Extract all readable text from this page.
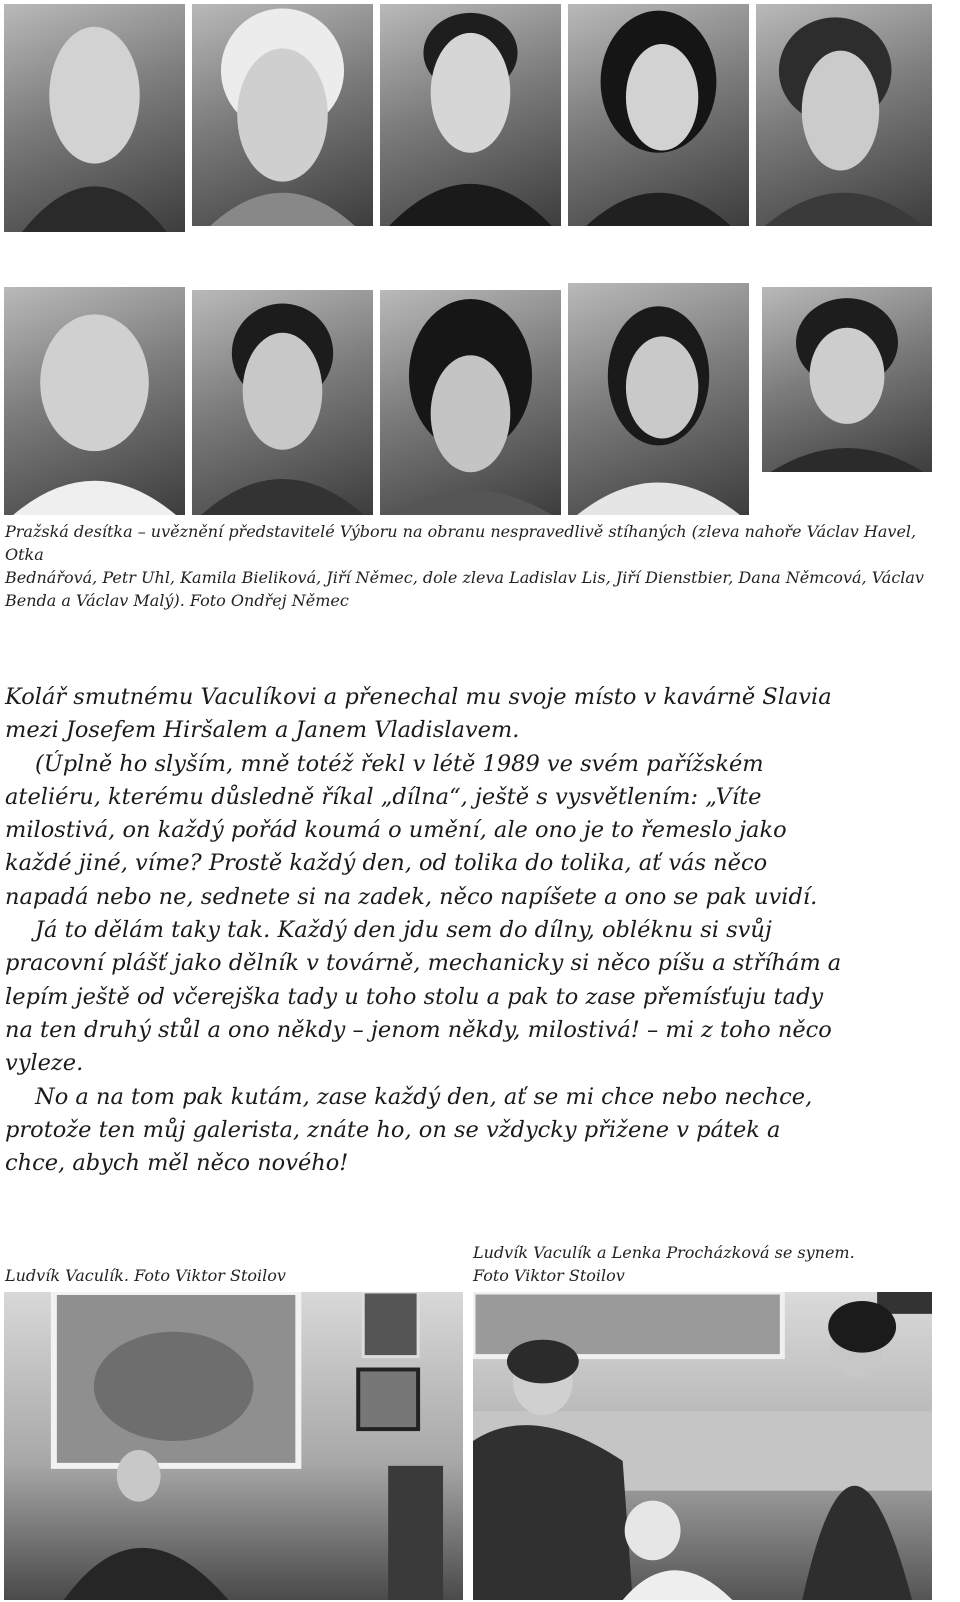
Pražská desítka – uvěznění představitelé Výboru na obranu nespravedlivě stíhaných (zleva nahoře Václav Havel, Otka
Bednářová, Petr Uhl, Kamila Bieliková, Jiří Němec, dole zleva Ladislav Lis, Jiří Dienstbier, Dana Němcová, Václav
Benda a Václav Malý). Foto Ondřej Němec

Kolář smutnému Vaculíkovi a přenechal mu svoje místo v kavárně Slavia mezi Josefem Hiršalem a Janem Vladislavem.

(Úplně ho slyším, mně totéž řekl v létě 1989 ve svém pařížském ateliéru, kterému důsledně říkal „dílna“, ještě s vysvětlením: „Víte milostivá, on každý pořád koumá o umění, ale ono je to řemeslo jako každé jiné, víme? Prostě každý den, od tolika do tolika, ať vás něco napadá nebo ne, sednete si na zadek, něco napíšete a ono se pak uvidí.

Já to dělám taky tak. Každý den jdu sem do dílny, obléknu si svůj pracovní plášť jako dělník v továrně, mechanicky si něco píšu a stříhám a lepím ještě od včerejška tady u toho stolu a pak to zase přemísťuju tady na ten druhý stůl a ono někdy – jenom někdy, milostivá! – mi z toho něco vyleze.

No a na tom pak kutám, zase každý den, ať se mi chce nebo nechce, protože ten můj galerista, znáte ho, on se vždycky přižene v pátek a chce, abych měl něco nového!

Ludvík Vaculík. Foto Viktor Stoilov
Ludvík Vaculík a Lenka Procházková se synem.
Foto Viktor Stoilov
